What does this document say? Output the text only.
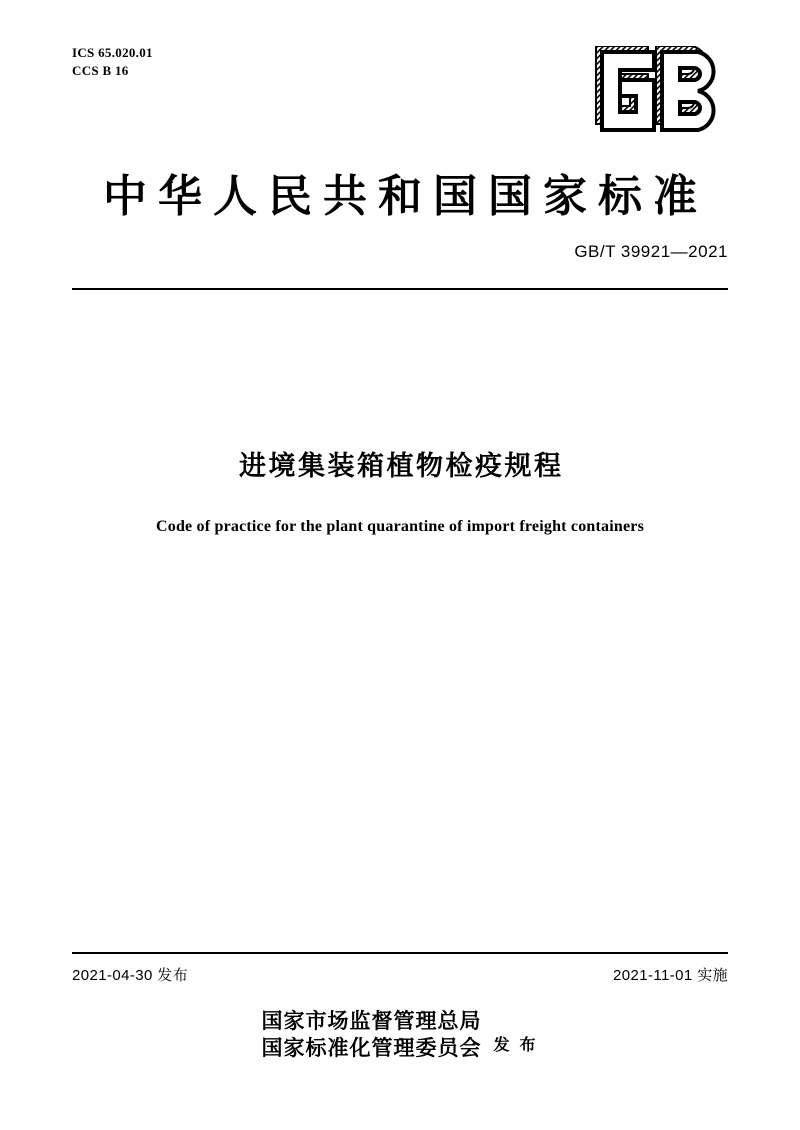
ICS 65.020.01
CCS B 16
中华人民共和国国家标准
GB/T 39921—2021
进境集装箱植物检疫规程
Code of practice for the plant quarantine of import freight containers
2021-04-30 发布	2021-11-01 实施
国家市场监督管理总局
国家标准化管理委员会 发 布
